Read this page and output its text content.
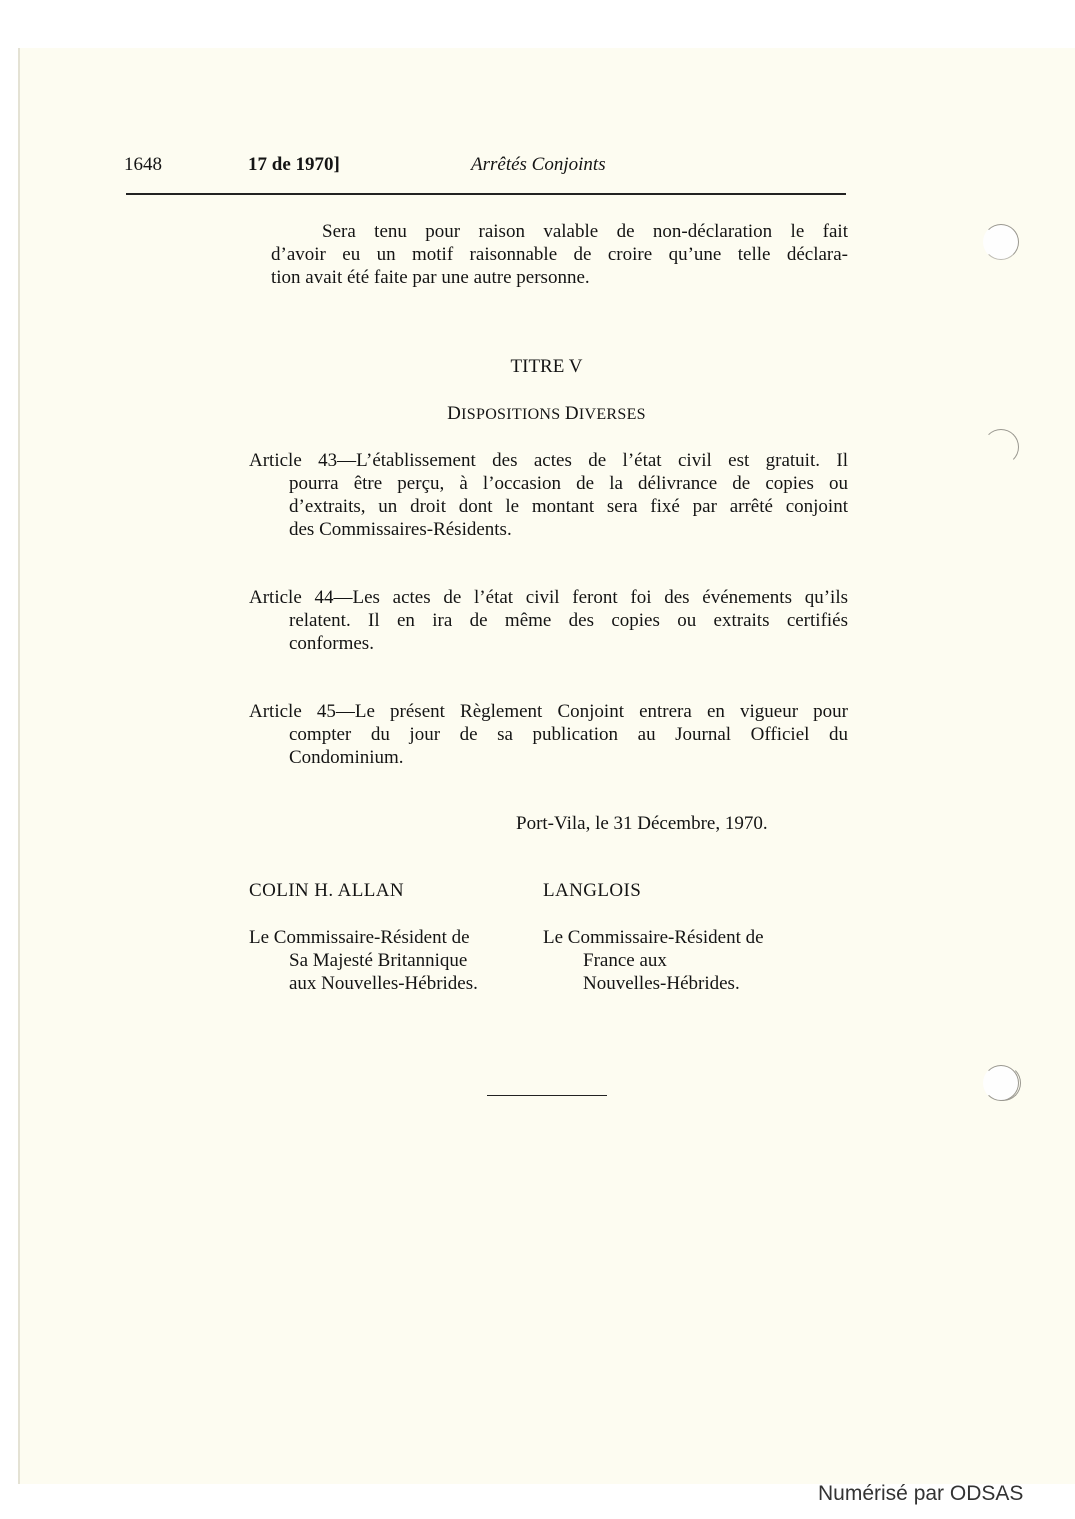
1648	17 de 1970]	Arrêtés Conjoints
Sera tenu pour raison valable de non-déclaration le fait
d’avoir eu un motif raisonnable de croire qu’une telle déclara-
tion avait été faite par une autre personne.
TITRE V
DISPOSITIONS DIVERSES
Article 43—L’établissement des actes de l’état civil est gratuit. Il
pourra être perçu, à l’occasion de la délivrance de copies ou
d’extraits, un droit dont le montant sera fixé par arrêté conjoint
des Commissaires-Résidents.
Article 44—Les actes de l’état civil feront foi des événements qu’ils
relatent. Il en ira de même des copies ou extraits certifiés
conformes.
Article 45—Le présent Règlement Conjoint entrera en vigueur pour
compter du jour de sa publication au Journal Officiel du
Condominium.
Port-Vila, le 31 Décembre, 1970.
COLIN H. ALLAN	LANGLOIS
Le Commissaire-Résident de
Sa Majesté Britannique
aux Nouvelles-Hébrides.
Le Commissaire-Résident de
France aux
Nouvelles-Hébrides.
Numérisé par ODSAS
